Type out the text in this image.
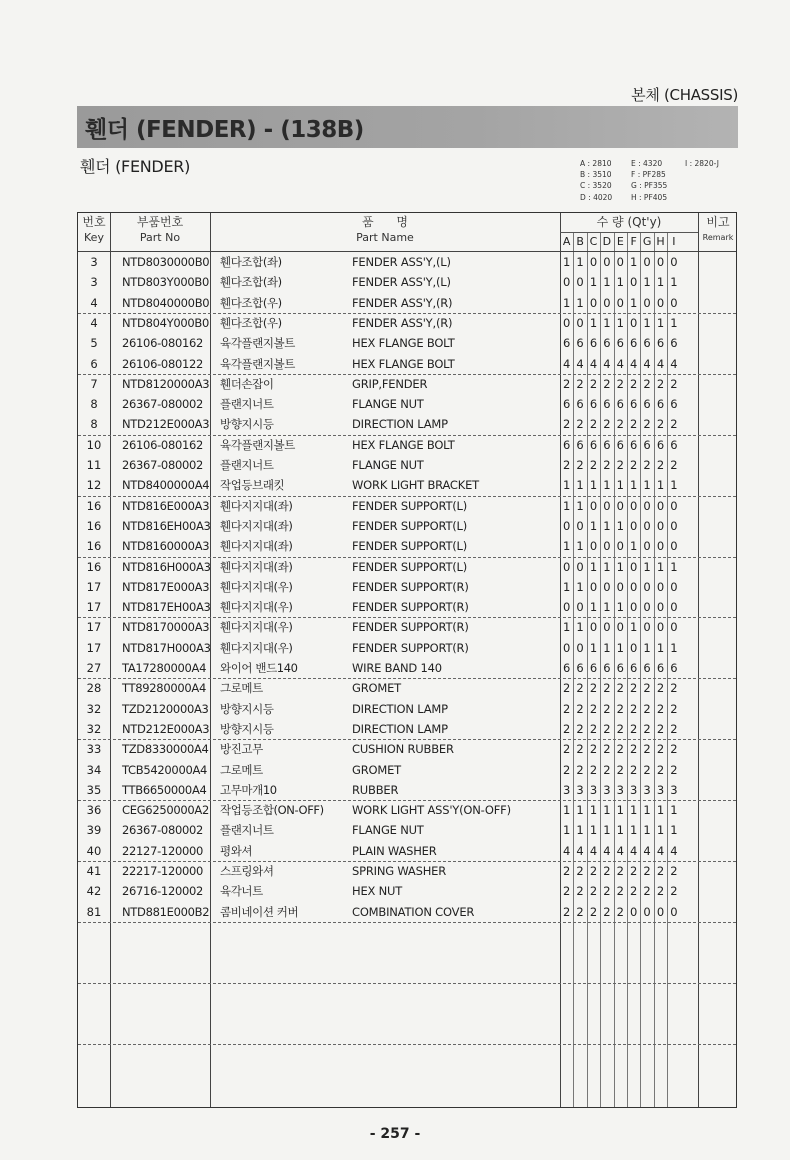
본체 (CHASSIS)
휀더 (FENDER) - (138B)
휀더 (FENDER)	A : 2810	E : 4320	I : 2820-J
B : 3510	F : PF285
C : 3520	G : PF355
D : 4020	H : PF405
번호
Key
부품번호
Part No
품      명
Part Name
수 량 (Qt'y)	비고
Remark
A B C D E F G H I
3	NTD8030000B0 휀다조합(좌)	FENDER ASS'Y,(L)	1 1 0 0 0 1 0 0 0
3	NTD803Y000B0 휀다조합(좌)	FENDER ASS'Y,(L)	0 0 1 1 1 0 1 1 1
4	NTD8040000B0 휀다조합(우)	FENDER ASS'Y,(R)	1 1 0 0 0 1 0 0 0
4	NTD804Y000B0 휀다조합(우)	FENDER ASS'Y,(R)	0 0 1 1 1 0 1 1 1
5	26106-080162 육각플랜지볼트	HEX FLANGE BOLT	6 6 6 6 6 6 6 6 6
6	26106-080122 육각플랜지볼트	HEX FLANGE BOLT	4 4 4 4 4 4 4 4 4
7	NTD8120000A3 휀더손잡이	GRIP,FENDER	2 2 2 2 2 2 2 2 2
8	26367-080002 플랜지너트	FLANGE NUT	6 6 6 6 6 6 6 6 6
8	NTD212E000A3 방향지시등	DIRECTION LAMP	2 2 2 2 2 2 2 2 2
10	26106-080162 육각플랜지볼트	HEX FLANGE BOLT	6 6 6 6 6 6 6 6 6
11	26367-080002 플랜지너트	FLANGE NUT	2 2 2 2 2 2 2 2 2
12	NTD8400000A4 작업등브래킷	WORK LIGHT BRACKET	1 1 1 1 1 1 1 1 1
16	NTD816E000A3 휀다지지대(좌)	FENDER SUPPORT(L)	1 1 0 0 0 0 0 0 0
16	NTD816EH00A3 휀다지지대(좌)	FENDER SUPPORT(L)	0 0 1 1 1 0 0 0 0
16	NTD8160000A3 휀다지지대(좌)	FENDER SUPPORT(L)	1 1 0 0 0 1 0 0 0
16	NTD816H000A3 휀다지지대(좌)	FENDER SUPPORT(L)	0 0 1 1 1 0 1 1 1
17	NTD817E000A3 휀다지지대(우)	FENDER SUPPORT(R)	1 1 0 0 0 0 0 0 0
17	NTD817EH00A3 휀다지지대(우)	FENDER SUPPORT(R)	0 0 1 1 1 0 0 0 0
17	NTD8170000A3 휀다지지대(우)	FENDER SUPPORT(R)	1 1 0 0 0 1 0 0 0
17	NTD817H000A3 휀다지지대(우)	FENDER SUPPORT(R)	0 0 1 1 1 0 1 1 1
27	TA17280000A4 와이어 밴드140	WIRE BAND 140	6 6 6 6 6 6 6 6 6
28	TT89280000A4 그로메트	GROMET	2 2 2 2 2 2 2 2 2
32	TZD2120000A3 방향지시등	DIRECTION LAMP	2 2 2 2 2 2 2 2 2
32	NTD212E000A3 방향지시등	DIRECTION LAMP	2 2 2 2 2 2 2 2 2
33	TZD8330000A4 방진고무	CUSHION RUBBER	2 2 2 2 2 2 2 2 2
34	TCB5420000A4 그로메트	GROMET	2 2 2 2 2 2 2 2 2
35	TTB6650000A4 고무마개10	RUBBER	3 3 3 3 3 3 3 3 3
36	CEG6250000A2 작업등조합(ON-OFF) WORK LIGHT ASS'Y(ON-OFF)	1 1 1 1 1 1 1 1 1
39	26367-080002 플랜지너트	FLANGE NUT	1 1 1 1 1 1 1 1 1
40	22127-120000 평와셔	PLAIN WASHER	4 4 4 4 4 4 4 4 4
41	22217-120000 스프링와셔	SPRING WASHER	2 2 2 2 2 2 2 2 2
42	26716-120002 육각너트	HEX NUT	2 2 2 2 2 2 2 2 2
81	NTD881E000B2 콤비네이션 커버	COMBINATION COVER	2 2 2 2 2 0 0 0 0
- 257 -
